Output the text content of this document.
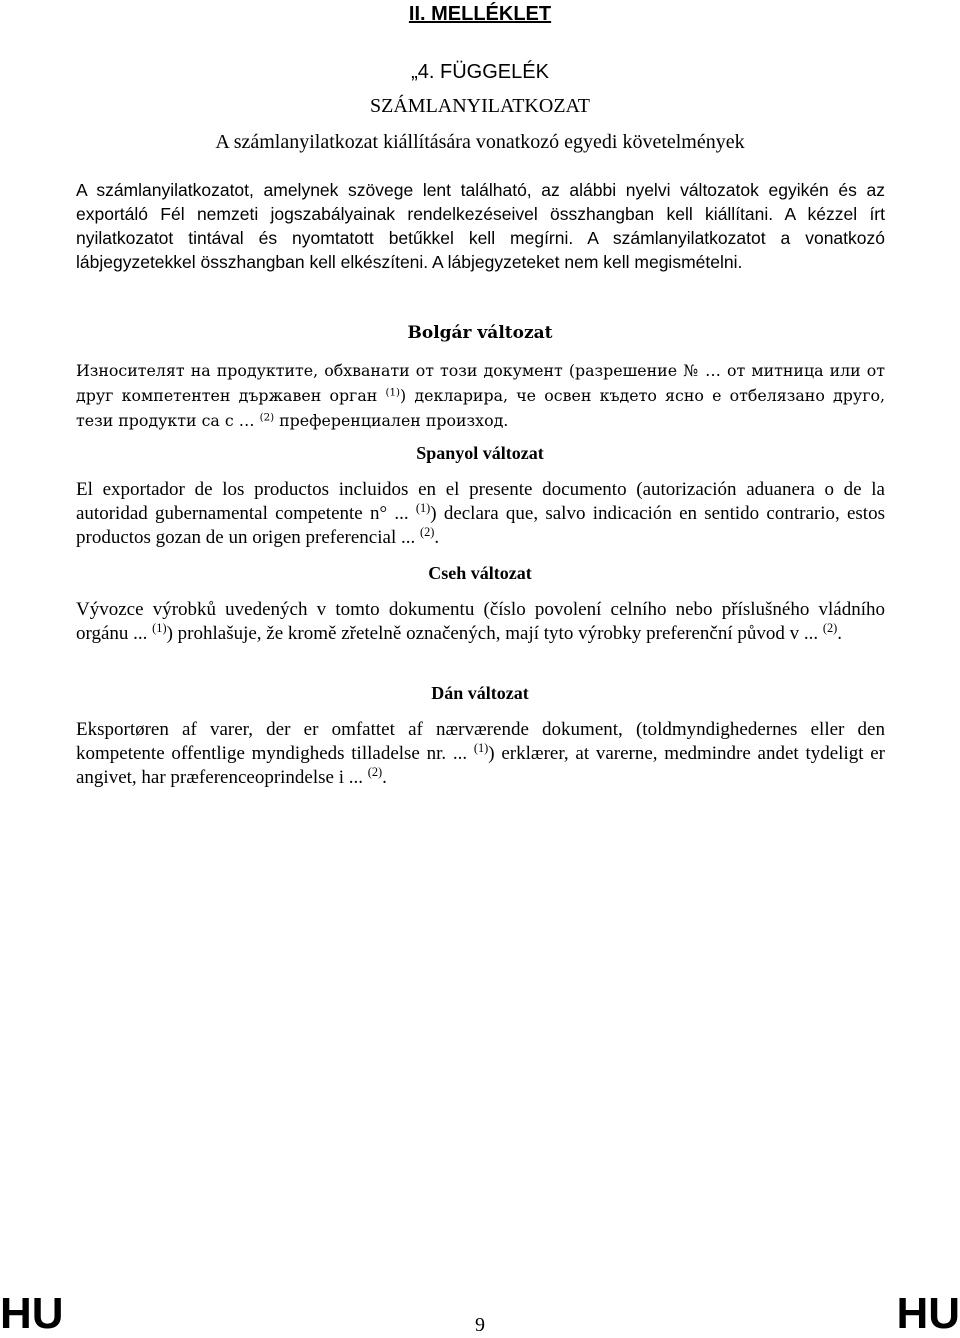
II. MELLÉKLET
„4. FÜGGELÉK
SZÁMLANYILATKOZAT
A számlanyilatkozat kiállítására vonatkozó egyedi követelmények

A számlanyilatkozatot, amelynek szövege lent található, az alábbi nyelvi változatok egyikén és az exportáló Fél nemzeti jogszabályainak rendelkezéseivel összhangban kell kiállítani. A kézzel írt nyilatkozatot tintával és nyomtatott betűkkel kell megírni. A számlanyilatkozatot a vonatkozó lábjegyzetekkel összhangban kell elkészíteni. A lábjegyzeteket nem kell megismételni.

Bolgár változat

Износителят на продуктите, обхванати от този документ (разрешение № … от митница или от друг компетентен държавен орган $^{(1)}$) декларира, че освен където ясно е отбелязано друго, тези продукти са с … $^{(2)}$ преференциален произход.

Spanyol változat

El exportador de los productos incluidos en el presente documento (autorización aduanera o de la autoridad gubernamental competente n° ... $^{(1)}$) declara que, salvo indicación en sentido contrario, estos productos gozan de un origen preferencial ... $^{(2)}$.

Cseh változat

Vývozce výrobků uvedených v tomto dokumentu (číslo povolení celního nebo příslušného vládního orgánu ... $^{(1)}$) prohlašuje, že kromě zřetelně označených, mají tyto výrobky preferenční původ v ... $^{(2)}$.

Dán változat

Eksportøren af varer, der er omfattet af nærværende dokument, (toldmyndighedernes eller den kompetente offentlige myndigheds tilladelse nr. ... $^{(1)}$) erklærer, at varerne, medmindre andet tydeligt er angivet, har præferenceoprindelse i ... $^{(2)}$.

HU	9	HU
